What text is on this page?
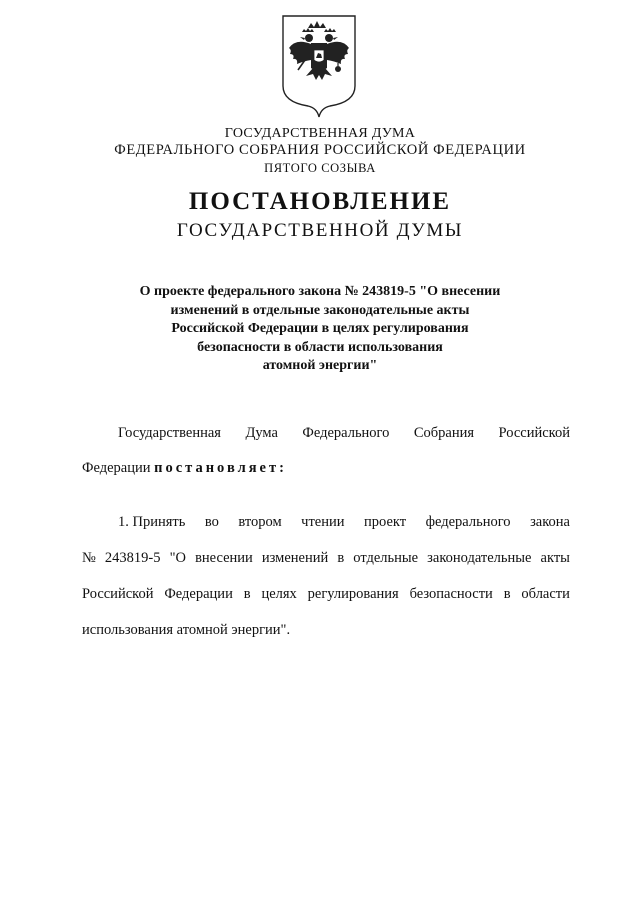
ГОСУДАРСТВЕННАЯ ДУМА
ФЕДЕРАЛЬНОГО СОБРАНИЯ РОССИЙСКОЙ ФЕДЕРАЦИИ
ПЯТОГО СОЗЫВА
ПОСТАНОВЛЕНИЕ
ГОСУДАРСТВЕННОЙ ДУМЫ
О проекте федерального закона № 243819-5 "О внесении
изменений в отдельные законодательные акты
Российской Федерации в целях регулирования
безопасности в области использования
атомной энергии"
Государственная Дума Федерального Собрания Российской
Федерации постановляет:
1. Принять во втором чтении проект федерального закона
№ 243819-5 "О внесении изменений в отдельные законодательные акты
Российской Федерации в целях регулирования безопасности в области
использования атомной энергии".
